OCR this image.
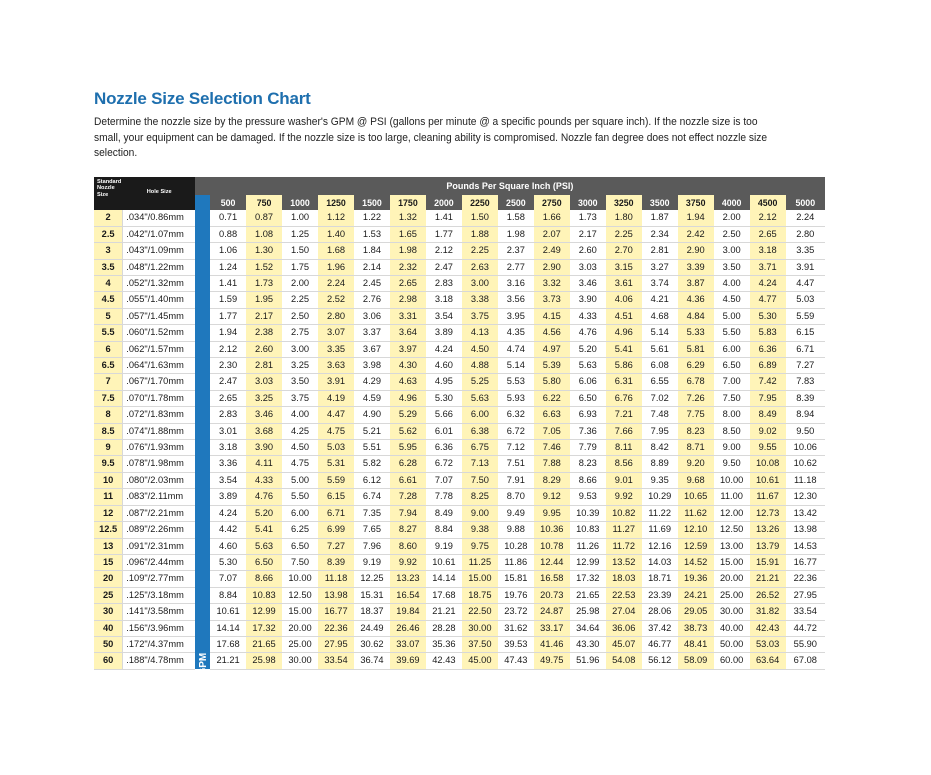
Nozzle Size Selection Chart
Determine the nozzle size by the pressure washer's GPM @ PSI (gallons per minute @ a specific pounds per square inch). If the nozzle size is too small, your equipment can be damaged. If the nozzle size is too large, cleaning ability is compromised. Nozzle fan degree does not effect nozzle size selection.
Standard Nozzle Size	Hole Size	Pounds Per Square Inch (PSI)																	
			500	750	1000	1250	1500	1750	2000	2250	2500	2750	3000	3250	3500	3750	4000	4500	5000
2	.034"/0.86mm	Gallons Per Minute - GPM	0.71	0.87	1.00	1.12	1.22	1.32	1.41	1.50	1.58	1.66	1.73	1.80	1.87	1.94	2.00	2.12	2.24
2.5	.042"/1.07mm		0.88	1.08	1.25	1.40	1.53	1.65	1.77	1.88	1.98	2.07	2.17	2.25	2.34	2.42	2.50	2.65	2.80
3	.043"/1.09mm		1.06	1.30	1.50	1.68	1.84	1.98	2.12	2.25	2.37	2.49	2.60	2.70	2.81	2.90	3.00	3.18	3.35
3.5	.048"/1.22mm		1.24	1.52	1.75	1.96	2.14	2.32	2.47	2.63	2.77	2.90	3.03	3.15	3.27	3.39	3.50	3.71	3.91
4	.052"/1.32mm		1.41	1.73	2.00	2.24	2.45	2.65	2.83	3.00	3.16	3.32	3.46	3.61	3.74	3.87	4.00	4.24	4.47
4.5	.055"/1.40mm		1.59	1.95	2.25	2.52	2.76	2.98	3.18	3.38	3.56	3.73	3.90	4.06	4.21	4.36	4.50	4.77	5.03
5	.057"/1.45mm		1.77	2.17	2.50	2.80	3.06	3.31	3.54	3.75	3.95	4.15	4.33	4.51	4.68	4.84	5.00	5.30	5.59
5.5	.060"/1.52mm		1.94	2.38	2.75	3.07	3.37	3.64	3.89	4.13	4.35	4.56	4.76	4.96	5.14	5.33	5.50	5.83	6.15
6	.062"/1.57mm		2.12	2.60	3.00	3.35	3.67	3.97	4.24	4.50	4.74	4.97	5.20	5.41	5.61	5.81	6.00	6.36	6.71
6.5	.064"/1.63mm		2.30	2.81	3.25	3.63	3.98	4.30	4.60	4.88	5.14	5.39	5.63	5.86	6.08	6.29	6.50	6.89	7.27
7	.067"/1.70mm		2.47	3.03	3.50	3.91	4.29	4.63	4.95	5.25	5.53	5.80	6.06	6.31	6.55	6.78	7.00	7.42	7.83
7.5	.070"/1.78mm		2.65	3.25	3.75	4.19	4.59	4.96	5.30	5.63	5.93	6.22	6.50	6.76	7.02	7.26	7.50	7.95	8.39
8	.072"/1.83mm		2.83	3.46	4.00	4.47	4.90	5.29	5.66	6.00	6.32	6.63	6.93	7.21	7.48	7.75	8.00	8.49	8.94
8.5	.074"/1.88mm		3.01	3.68	4.25	4.75	5.21	5.62	6.01	6.38	6.72	7.05	7.36	7.66	7.95	8.23	8.50	9.02	9.50
9	.076"/1.93mm		3.18	3.90	4.50	5.03	5.51	5.95	6.36	6.75	7.12	7.46	7.79	8.11	8.42	8.71	9.00	9.55	10.06
9.5	.078"/1.98mm		3.36	4.11	4.75	5.31	5.82	6.28	6.72	7.13	7.51	7.88	8.23	8.56	8.89	9.20	9.50	10.08	10.62
10	.080"/2.03mm		3.54	4.33	5.00	5.59	6.12	6.61	7.07	7.50	7.91	8.29	8.66	9.01	9.35	9.68	10.00	10.61	11.18
11	.083"/2.11mm		3.89	4.76	5.50	6.15	6.74	7.28	7.78	8.25	8.70	9.12	9.53	9.92	10.29	10.65	11.00	11.67	12.30
12	.087"/2.21mm		4.24	5.20	6.00	6.71	7.35	7.94	8.49	9.00	9.49	9.95	10.39	10.82	11.22	11.62	12.00	12.73	13.42
12.5	.089"/2.26mm		4.42	5.41	6.25	6.99	7.65	8.27	8.84	9.38	9.88	10.36	10.83	11.27	11.69	12.10	12.50	13.26	13.98
13	.091"/2.31mm		4.60	5.63	6.50	7.27	7.96	8.60	9.19	9.75	10.28	10.78	11.26	11.72	12.16	12.59	13.00	13.79	14.53
15	.096"/2.44mm		5.30	6.50	7.50	8.39	9.19	9.92	10.61	11.25	11.86	12.44	12.99	13.52	14.03	14.52	15.00	15.91	16.77
20	.109"/2.77mm		7.07	8.66	10.00	11.18	12.25	13.23	14.14	15.00	15.81	16.58	17.32	18.03	18.71	19.36	20.00	21.21	22.36
25	.125"/3.18mm		8.84	10.83	12.50	13.98	15.31	16.54	17.68	18.75	19.76	20.73	21.65	22.53	23.39	24.21	25.00	26.52	27.95
30	.141"/3.58mm		10.61	12.99	15.00	16.77	18.37	19.84	21.21	22.50	23.72	24.87	25.98	27.04	28.06	29.05	30.00	31.82	33.54
40	.156"/3.96mm		14.14	17.32	20.00	22.36	24.49	26.46	28.28	30.00	31.62	33.17	34.64	36.06	37.42	38.73	40.00	42.43	44.72
50	.172"/4.37mm		17.68	21.65	25.00	27.95	30.62	33.07	35.36	37.50	39.53	41.46	43.30	45.07	46.77	48.41	50.00	53.03	55.90
60	.188"/4.78mm		21.21	25.98	30.00	33.54	36.74	39.69	42.43	45.00	47.43	49.75	51.96	54.08	56.12	58.09	60.00	63.64	67.08
